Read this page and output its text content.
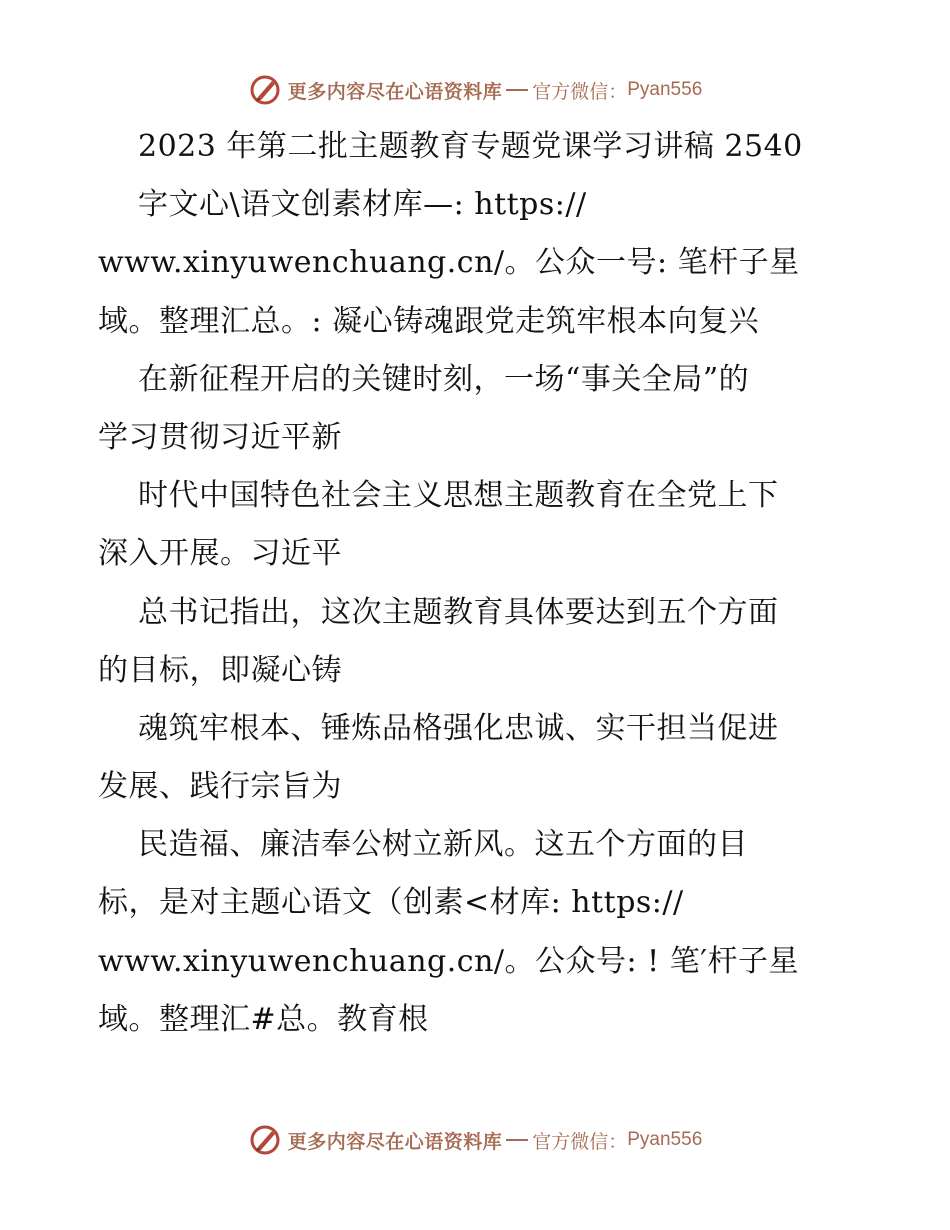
更多内容尽在心语资料库 官方微信： Pyan556
2023 年第二批主题教育专题党课学习讲稿 2540
字文心\语文创素材库—: https://
www.xinyuwenchuang.cn/。公众一号: 笔杆子星
域。整理汇总。: 凝心铸魂跟党走筑牢根本向复兴
在新征程开启的关键时刻，一场“事关全局”的
学习贯彻习近平新
时代中国特色社会主义思想主题教育在全党上下
深入开展。习近平
总书记指出，这次主题教育具体要达到五个方面
的目标，即凝心铸
魂筑牢根本、锤炼品格强化忠诚、实干担当促进
发展、践行宗旨为
民造福、廉洁奉公树立新风。这五个方面的目
标，是对主题心语文（创素<材库: https://
www.xinyuwenchuang.cn/。公众号: ! 笔′杆子星
域。整理汇#总。教育根
更多内容尽在心语资料库 官方微信： Pyan556
